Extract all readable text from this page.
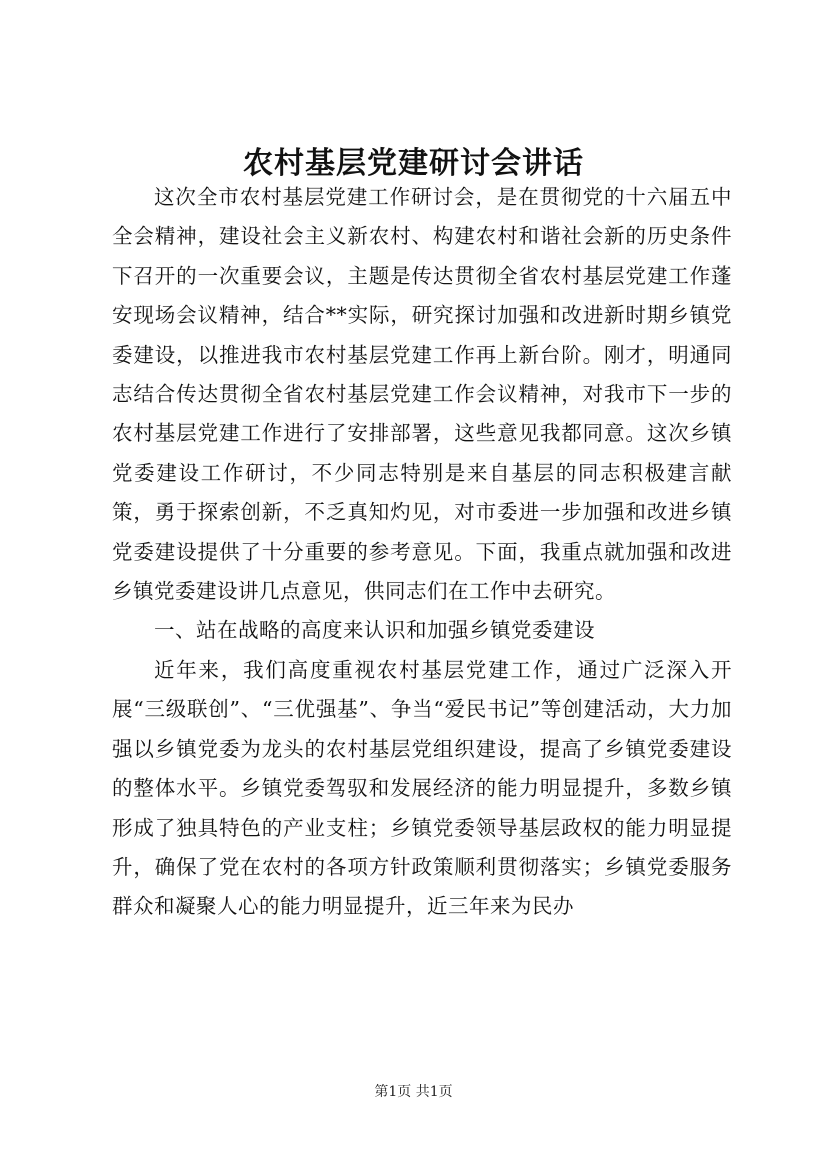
农村基层党建研讨会讲话

这次全市农村基层党建工作研讨会，是在贯彻党的十六届五中全会精神，建设社会主义新农村、构建农村和谐社会新的历史条件下召开的一次重要会议，主题是传达贯彻全省农村基层党建工作蓬安现场会议精神，结合**实际，研究探讨加强和改进新时期乡镇党委建设，以推进我市农村基层党建工作再上新台阶。刚才，明通同志结合传达贯彻全省农村基层党建工作会议精神，对我市下一步的农村基层党建工作进行了安排部署，这些意见我都同意。这次乡镇党委建设工作研讨，不少同志特别是来自基层的同志积极建言献策，勇于探索创新，不乏真知灼见，对市委进一步加强和改进乡镇党委建设提供了十分重要的参考意见。下面，我重点就加强和改进乡镇党委建设讲几点意见，供同志们在工作中去研究。

一、站在战略的高度来认识和加强乡镇党委建设

近年来，我们高度重视农村基层党建工作，通过广泛深入开展“三级联创”、“三优强基”、争当“爱民书记”等创建活动，大力加强以乡镇党委为龙头的农村基层党组织建设，提高了乡镇党委建设的整体水平。乡镇党委驾驭和发展经济的能力明显提升，多数乡镇形成了独具特色的产业支柱；乡镇党委领导基层政权的能力明显提升，确保了党在农村的各项方针政策顺利贯彻落实；乡镇党委服务群众和凝聚人心的能力明显提升，近三年来为民办

第1页 共1页
